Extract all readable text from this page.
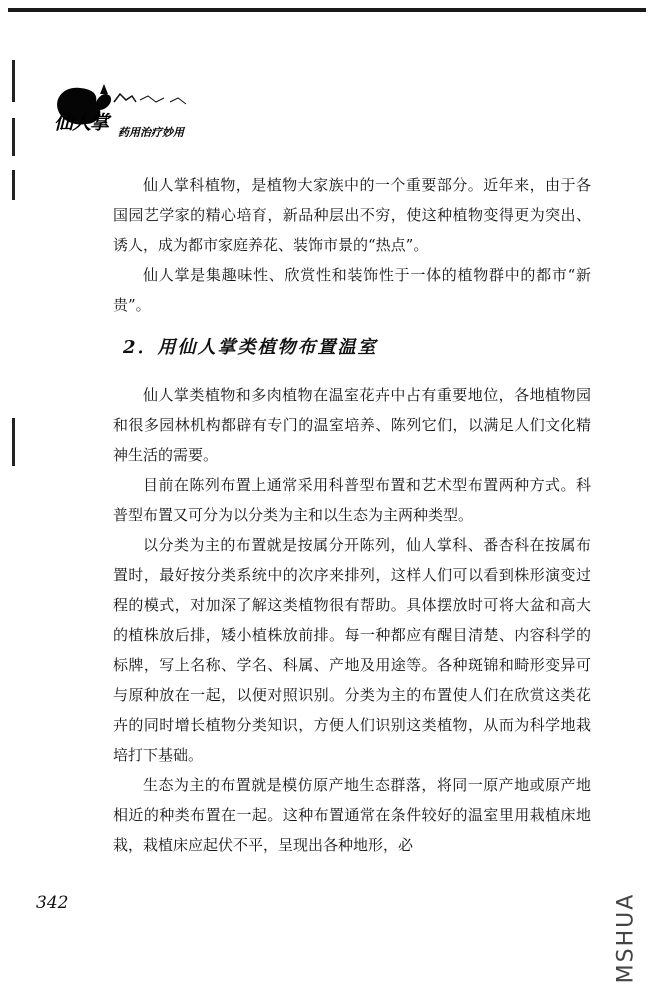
仙人掌 药用治疗妙用

仙人掌科植物，是植物大家族中的一个重要部分。近年来，由于各国园艺学家的精心培育，新品种层出不穷，使这种植物变得更为突出、诱人，成为都市家庭养花、装饰市景的“热点”。

仙人掌是集趣味性、欣赏性和装饰性于一体的植物群中的都市“新贵”。

2．用仙人掌类植物布置温室

仙人掌类植物和多肉植物在温室花卉中占有重要地位，各地植物园和很多园林机构都辟有专门的温室培养、陈列它们，以满足人们文化精神生活的需要。

目前在陈列布置上通常采用科普型布置和艺术型布置两种方式。科普型布置又可分为以分类为主和以生态为主两种类型。

以分类为主的布置就是按属分开陈列，仙人掌科、番杏科在按属布置时，最好按分类系统中的次序来排列，这样人们可以看到株形演变过程的模式，对加深了解这类植物很有帮助。具体摆放时可将大盆和高大的植株放后排，矮小植株放前排。每一种都应有醒目清楚、内容科学的标牌，写上名称、学名、科属、产地及用途等。各种斑锦和畸形变异可与原种放在一起，以便对照识别。分类为主的布置使人们在欣赏这类花卉的同时增长植物分类知识，方便人们识别这类植物，从而为科学地栽培打下基础。

生态为主的布置就是模仿原产地生态群落，将同一原产地或原产地相近的种类布置在一起。这种布置通常在条件较好的温室里用栽植床地栽，栽植床应起伏不平，呈现出各种地形，必

342	MSHUA
